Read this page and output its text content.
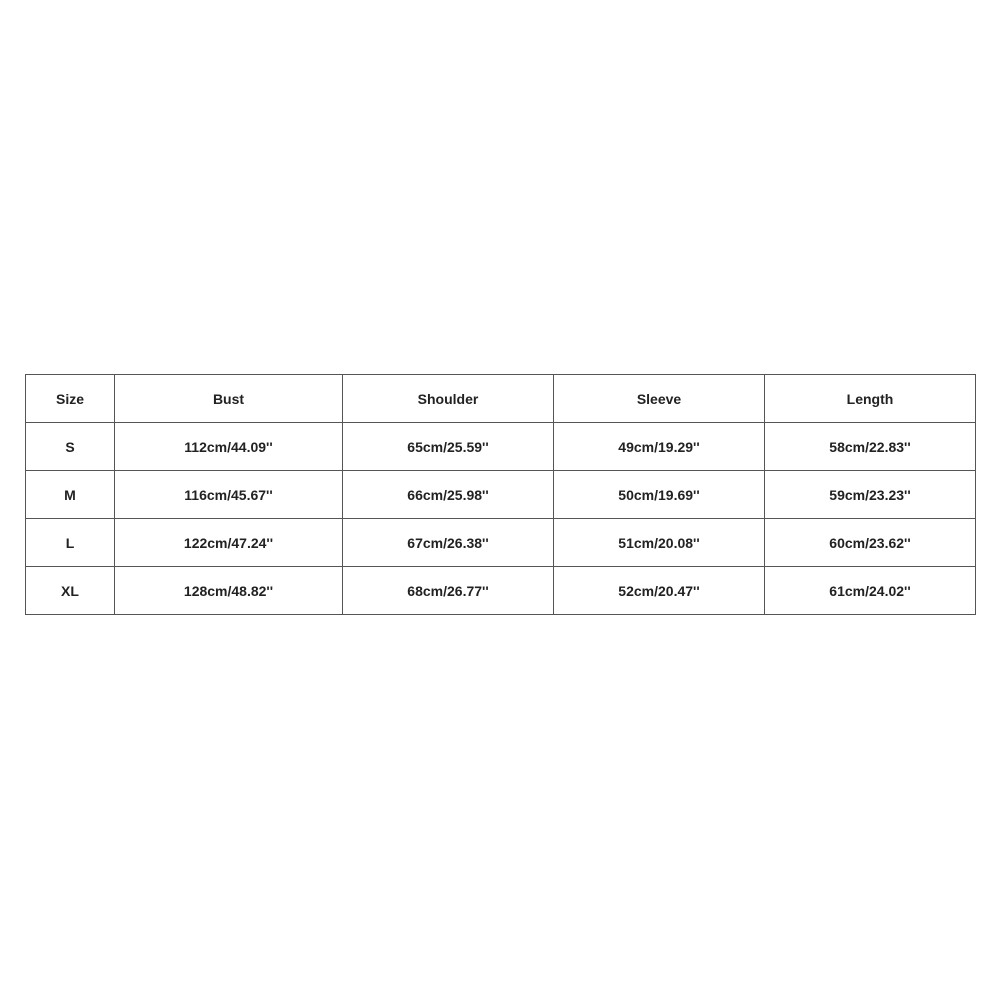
Size	Bust	Shoulder	Sleeve	Length
S	112cm/44.09''	65cm/25.59''	49cm/19.29''	58cm/22.83''
M	116cm/45.67''	66cm/25.98''	50cm/19.69''	59cm/23.23''
L	122cm/47.24''	67cm/26.38''	51cm/20.08''	60cm/23.62''
XL	128cm/48.82''	68cm/26.77''	52cm/20.47''	61cm/24.02''
